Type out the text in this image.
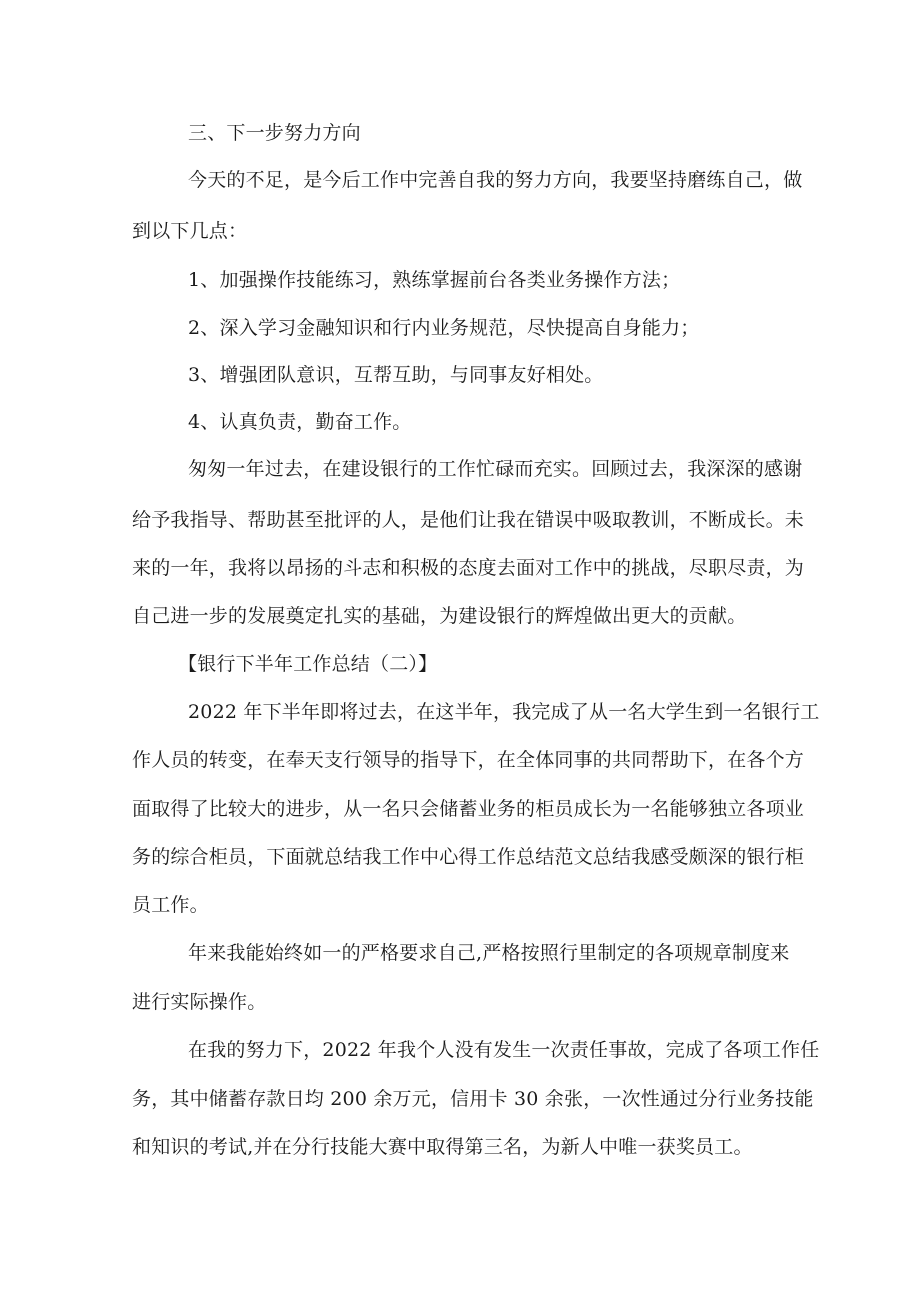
三、下一步努力方向
今天的不足，是今后工作中完善自我的努力方向，我要坚持磨练自己，做
到以下几点：
1、加强操作技能练习，熟练掌握前台各类业务操作方法；
2、深入学习金融知识和行内业务规范，尽快提高自身能力；
3、增强团队意识，互帮互助，与同事友好相处。
4、认真负责，勤奋工作。
匆匆一年过去，在建设银行的工作忙碌而充实。回顾过去，我深深的感谢
给予我指导、帮助甚至批评的人，是他们让我在错误中吸取教训，不断成长。未
来的一年，我将以昂扬的斗志和积极的态度去面对工作中的挑战，尽职尽责，为
自己进一步的发展奠定扎实的基础，为建设银行的辉煌做出更大的贡献。
【银行下半年工作总结（二）】
2022 年下半年即将过去，在这半年，我完成了从一名大学生到一名银行工
作人员的转变，在奉天支行领导的指导下，在全体同事的共同帮助下，在各个方
面取得了比较大的进步，从一名只会储蓄业务的柜员成长为一名能够独立各项业
务的综合柜员，下面就总结我工作中心得工作总结范文总结我感受颇深的银行柜
员工作。
年来我能始终如一的严格要求自己,严格按照行里制定的各项规章制度来
进行实际操作。
在我的努力下，2022 年我个人没有发生一次责任事故，完成了各项工作任
务，其中储蓄存款日均 200 余万元，信用卡 30 余张，一次性通过分行业务技能
和知识的考试,并在分行技能大赛中取得第三名，为新人中唯一获奖员工。
